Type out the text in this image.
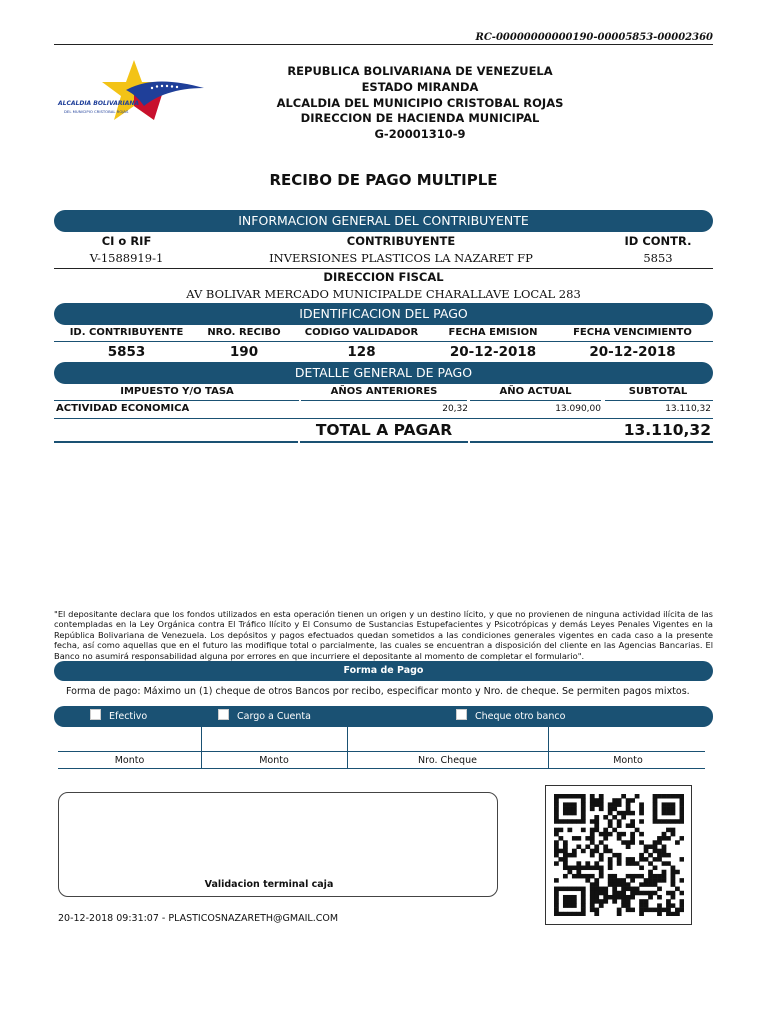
RC-00000000000190-00005853-00002360
ALCALDIA BOLIVARIANA
DEL MUNICIPIO CRISTOBAL ROJAS
REPUBLICA BOLIVARIANA DE VENEZUELA
ESTADO MIRANDA
ALCALDIA DEL MUNICIPIO CRISTOBAL ROJAS
DIRECCION DE HACIENDA MUNICIPAL
G-20001310-9
RECIBO DE PAGO MULTIPLE
INFORMACION GENERAL DEL CONTRIBUYENTE
CI o RIF	CONTRIBUYENTE	ID CONTR.
V-1588919-1	INVERSIONES PLASTICOS LA NAZARET FP	5853
DIRECCION FISCAL
AV BOLIVAR MERCADO MUNICIPALDE CHARALLAVE LOCAL 283
IDENTIFICACION DEL PAGO
ID. CONTRIBUYENTE	NRO. RECIBO	CODIGO VALIDADOR	FECHA EMISION	FECHA VENCIMIENTO
5853	190	128	20-12-2018	20-12-2018
DETALLE GENERAL DE PAGO
IMPUESTO Y/O TASA	AÑOS ANTERIORES	AÑO ACTUAL	SUBTOTAL
ACTIVIDAD ECONOMICA	20,32	13.090,00	13.110,32
TOTAL A PAGAR	13.110,32
"El depositante declara que los fondos utilizados en esta operación tienen un origen y un destino lícito, y que no provienen de ninguna actividad ilícita de las contempladas en la Ley Orgánica contra El Tráfico Ilícito y El Consumo de Sustancias Estupefacientes y Psicotrópicas y demás Leyes Penales Vigentes en la República Bolivariana de Venezuela. Los depósitos y pagos efectuados quedan sometidos a las condiciones generales vigentes en cada caso a la presente fecha, así como aquellas que en el futuro las modifique total o parcialmente, las cuales se encuentran a disposición del cliente en las Agencias Bancarias. El Banco no asumirá responsabilidad alguna por errores en que incurriere el depositante al momento de completar el formulario".
Forma de Pago
Forma de pago: Máximo un (1) cheque de otros Bancos por recibo, especificar monto y Nro. de cheque. Se permiten pagos mixtos.
Efectivo	Cargo a Cuenta	Cheque otro banco
Monto	Monto	Nro. Cheque	Monto
Validacion terminal caja
20-12-2018 09:31:07 - PLASTICOSNAZARETH@GMAIL.COM
